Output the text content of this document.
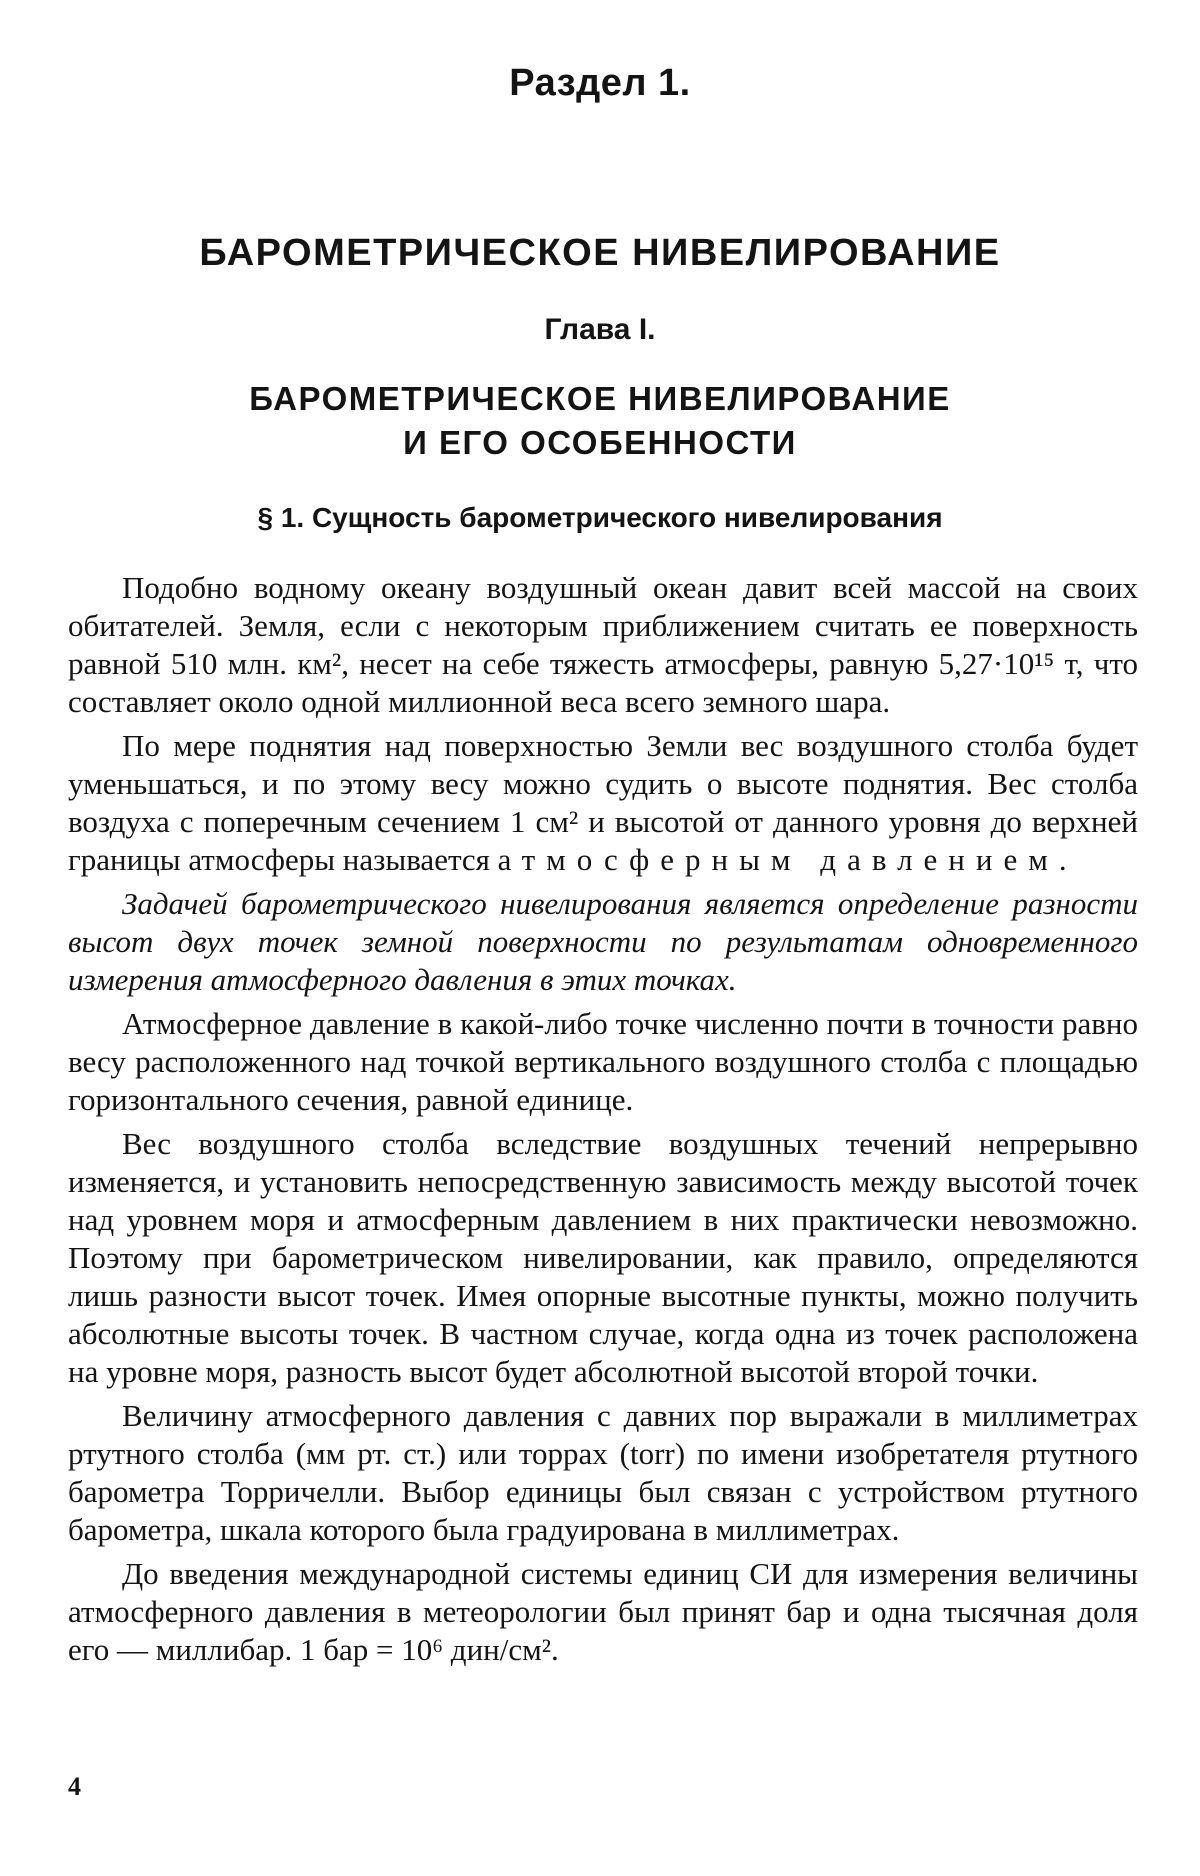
Раздел 1.
БАРОМЕТРИЧЕСКОЕ НИВЕЛИРОВАНИЕ
Глава I.
БАРОМЕТРИЧЕСКОЕ НИВЕЛИРОВАНИЕ
И ЕГО ОСОБЕННОСТИ
§ 1. Сущность барометрического нивелирования

Подобно водному океану воздушный океан давит всей массой на своих обитателей. Земля, если с некоторым приближением считать ее поверхность равной 510 млн. км², несет на себе тяжесть атмосферы, равную 5,27·10¹⁵ т, что составляет около одной миллионной веса всего земного шара.

По мере поднятия над поверхностью Земли вес воздушного столба будет уменьшаться, и по этому весу можно судить о высоте поднятия. Вес столба воздуха с поперечным сечением 1 см² и высотой от данного уровня до верхней границы атмосферы называется атмосферным давлением.

Задачей барометрического нивелирования является определение разности высот двух точек земной поверхности по результатам одновременного измерения атмосферного давления в этих точках.

Атмосферное давление в какой-либо точке численно почти в точности равно весу расположенного над точкой вертикального воздушного столба с площадью горизонтального сечения, равной единице.

Вес воздушного столба вследствие воздушных течений непрерывно изменяется, и установить непосредственную зависимость между высотой точек над уровнем моря и атмосферным давлением в них практически невозможно. Поэтому при барометрическом нивелировании, как правило, определяются лишь разности высот точек. Имея опорные высотные пункты, можно получить абсолютные высоты точек. В частном случае, когда одна из точек расположена на уровне моря, разность высот будет абсолютной высотой второй точки.

Величину атмосферного давления с давних пор выражали в миллиметрах ртутного столба (мм рт. ст.) или торрах (torr) по имени изобретателя ртутного барометра Торричелли. Выбор единицы был связан с устройством ртутного барометра, шкала которого была градуирована в миллиметрах.

До введения международной системы единиц СИ для измерения величины атмосферного давления в метеорологии был принят бар и одна тысячная доля его — миллибар. 1 бар = 10⁶ дин/см².

4
